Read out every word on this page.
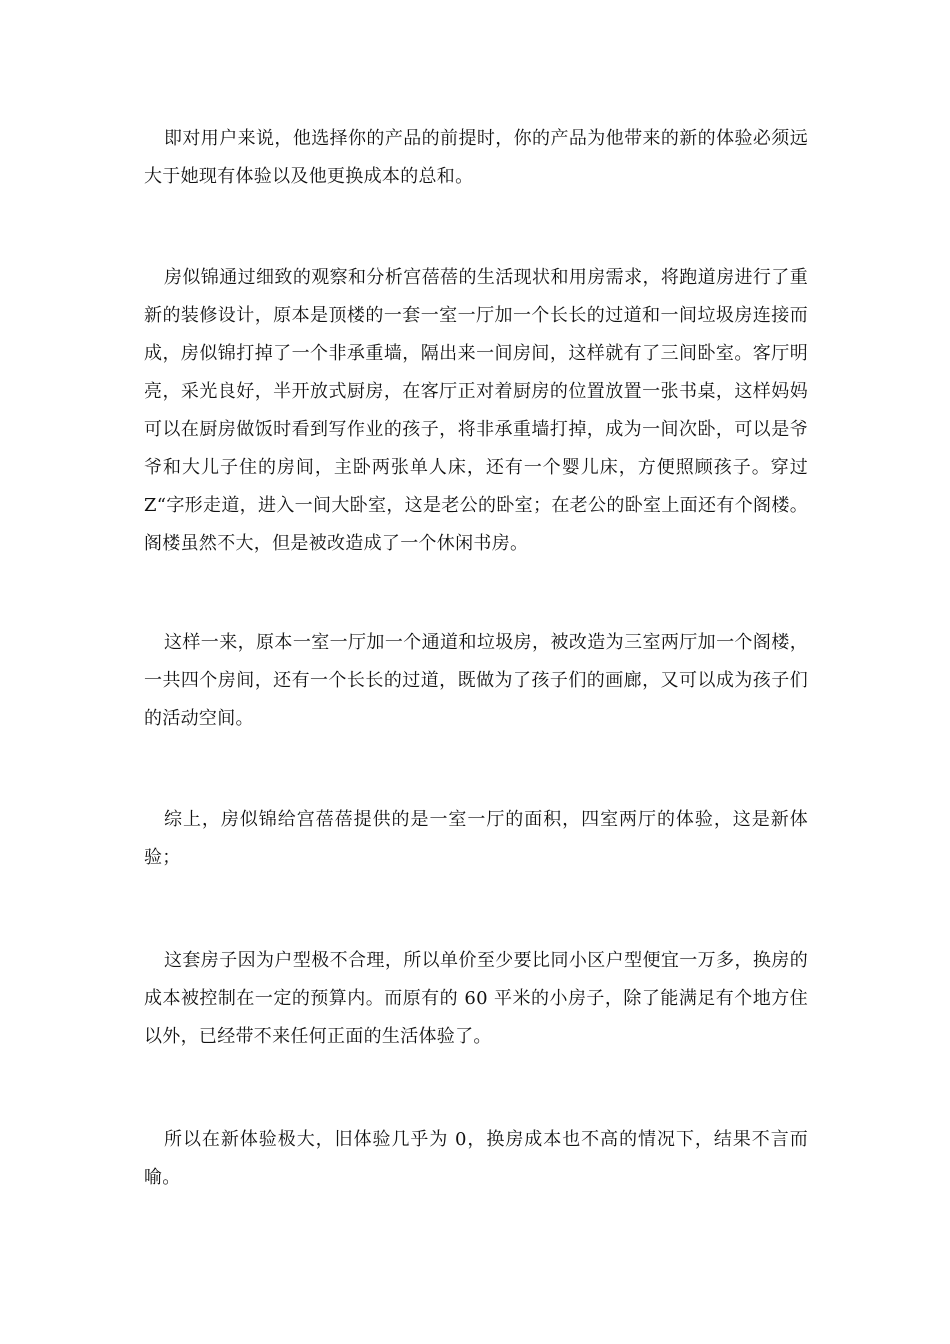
即对用户来说，他选择你的产品的前提时，你的产品为他带来的新的体验必须远大于她现有体验以及他更换成本的总和。

房似锦通过细致的观察和分析宫蓓蓓的生活现状和用房需求，将跑道房进行了重新的装修设计，原本是顶楼的一套一室一厅加一个长长的过道和一间垃圾房连接而成，房似锦打掉了一个非承重墙，隔出来一间房间，这样就有了三间卧室。客厅明亮，采光良好，半开放式厨房，在客厅正对着厨房的位置放置一张书桌，这样妈妈可以在厨房做饭时看到写作业的孩子，将非承重墙打掉，成为一间次卧，可以是爷爷和大儿子住的房间，主卧两张单人床，还有一个婴儿床，方便照顾孩子。穿过 Z“字形走道，进入一间大卧室，这是老公的卧室；在老公的卧室上面还有个阁楼。阁楼虽然不大，但是被改造成了一个休闲书房。

这样一来，原本一室一厅加一个通道和垃圾房，被改造为三室两厅加一个阁楼，一共四个房间，还有一个长长的过道，既做为了孩子们的画廊，又可以成为孩子们的活动空间。

综上，房似锦给宫蓓蓓提供的是一室一厅的面积，四室两厅的体验，这是新体验；

这套房子因为户型极不合理，所以单价至少要比同小区户型便宜一万多，换房的成本被控制在一定的预算内。而原有的 60 平米的小房子，除了能满足有个地方住以外，已经带不来任何正面的生活体验了。

所以在新体验极大，旧体验几乎为 0，换房成本也不高的情况下，结果不言而喻。
